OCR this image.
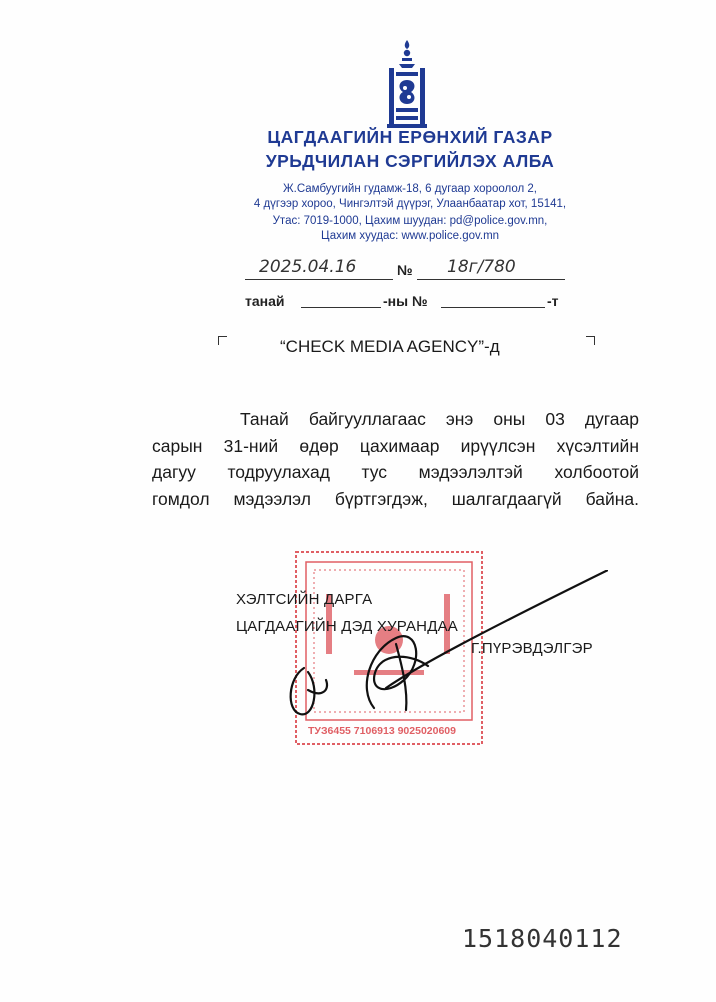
ЦАГДААГИЙН ЕРӨНХИЙ ГАЗАР
УРЬДЧИЛАН СЭРГИЙЛЭХ АЛБА
Ж.Самбуугийн гудамж-18, 6 дугаар хороолол 2,
4 дүгээр хороо, Чингэлтэй дүүрэг, Улаанбаатар хот, 15141,
Утас: 7019-1000, Цахим шуудан: pd@police.gov.mn,
Цахим хуудас: www.police.gov.mn
2025.04.16	№ 18г/780
танай	-ны №	-т
“CHECK MEDIA AGENCY”-д
Танай байгууллагаас энэ оны 03 дугаар
сарын 31-ний өдөр цахимаар ирүүлсэн хүсэлтийн
дагуу тодруулахад тус мэдээлэлтэй холбоотой
гомдол мэдээлэл бүртгэгдэж, шалгагдаагүй байна.
ТУЗ6455 7106913 9025020609
ХЭЛТСИЙН ДАРГА
ЦАГДААГИЙН ДЭД ХУРАНДАА
Г.ПҮРЭВДЭЛГЭР
1518040112
